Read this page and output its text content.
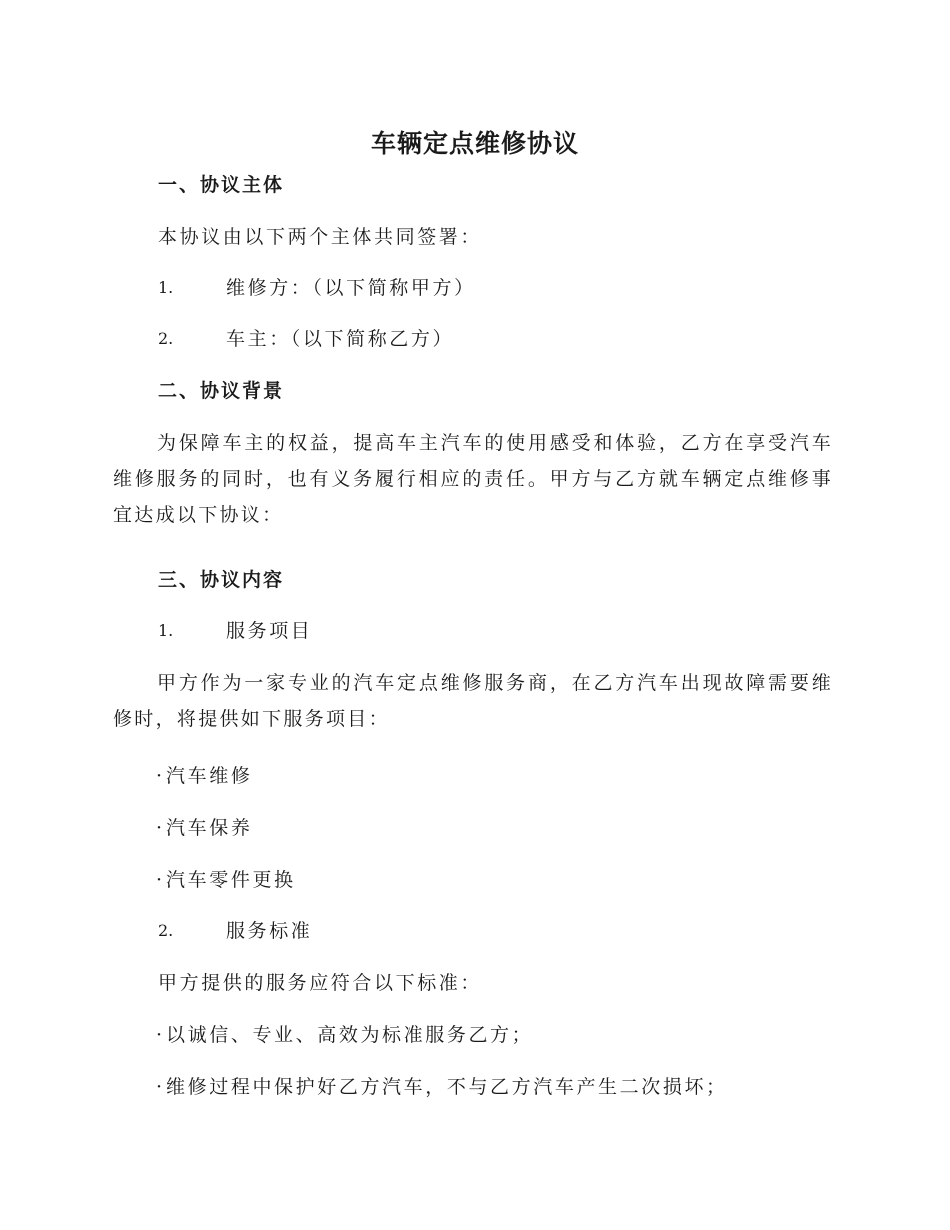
车辆定点维修协议
一、协议主体
本协议由以下两个主体共同签署：
1.	维修方：（以下简称甲方）
2.	车主：（以下简称乙方）
二、协议背景
为保障车主的权益，提高车主汽车的使用感受和体验，乙方在享受汽车维修服务的同时，也有义务履行相应的责任。甲方与乙方就车辆定点维修事宜达成以下协议：
三、协议内容
1.	服务项目
甲方作为一家专业的汽车定点维修服务商，在乙方汽车出现故障需要维修时，将提供如下服务项目：
· 汽车维修
· 汽车保养
· 汽车零件更换
2.	服务标准
甲方提供的服务应符合以下标准：
· 以诚信、专业、高效为标准服务乙方；
· 维修过程中保护好乙方汽车，不与乙方汽车产生二次损坏；
